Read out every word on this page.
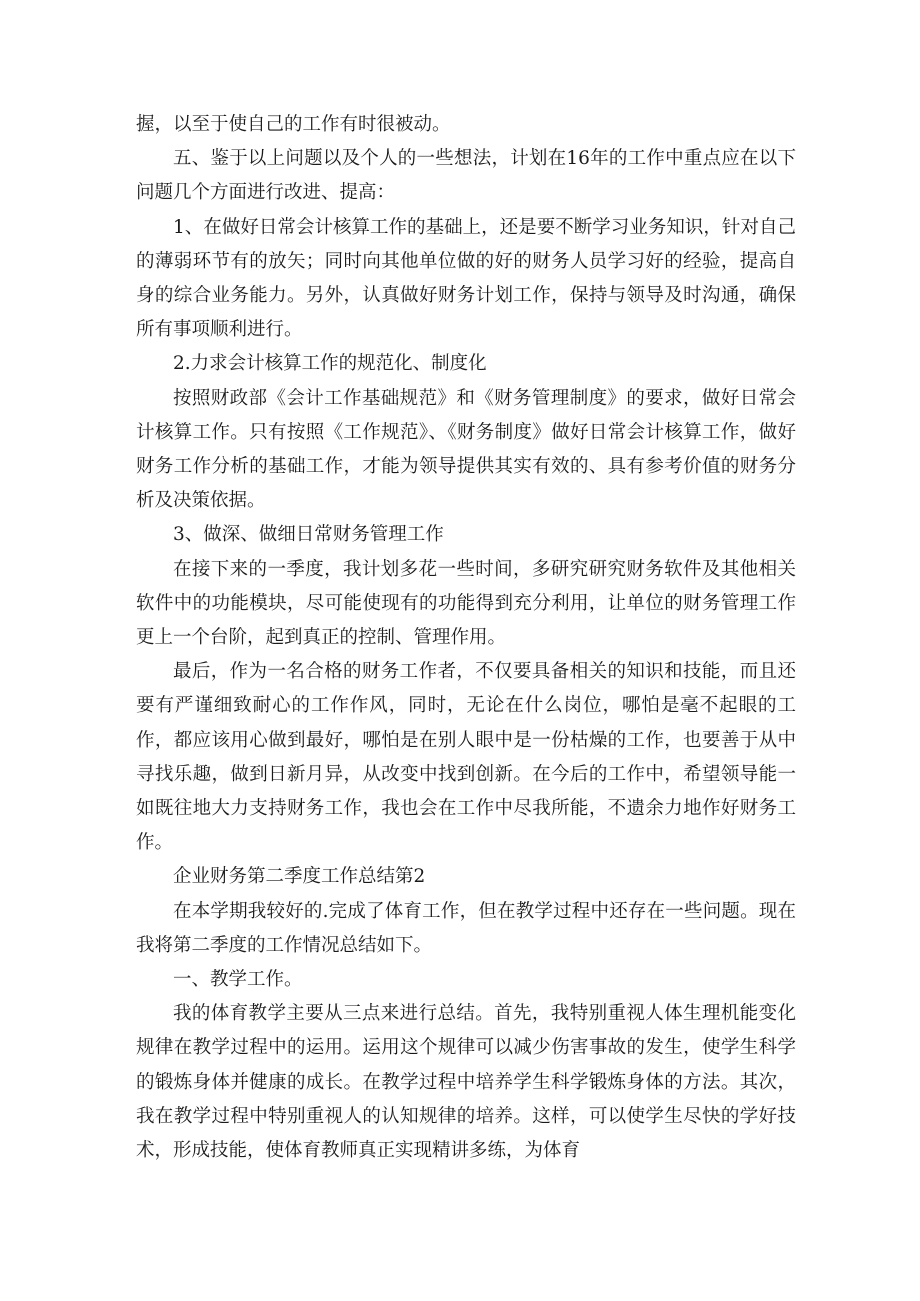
握，以至于使自己的工作有时很被动。

五、鉴于以上问题以及个人的一些想法，计划在16年的工作中重点应在以下问题几个方面进行改进、提高：

1、在做好日常会计核算工作的基础上，还是要不断学习业务知识，针对自己的薄弱环节有的放矢；同时向其他单位做的好的财务人员学习好的经验，提高自身的综合业务能力。另外，认真做好财务计划工作，保持与领导及时沟通，确保所有事项顺利进行。

2.力求会计核算工作的规范化、制度化

按照财政部《会计工作基础规范》和《财务管理制度》的要求，做好日常会计核算工作。只有按照《工作规范》、《财务制度》做好日常会计核算工作，做好财务工作分析的基础工作，才能为领导提供其实有效的、具有参考价值的财务分析及决策依据。

3、做深、做细日常财务管理工作

在接下来的一季度，我计划多花一些时间，多研究研究财务软件及其他相关软件中的功能模块，尽可能使现有的功能得到充分利用，让单位的财务管理工作更上一个台阶，起到真正的控制、管理作用。

最后，作为一名合格的财务工作者，不仅要具备相关的知识和技能，而且还要有严谨细致耐心的工作作风，同时，无论在什么岗位，哪怕是毫不起眼的工作，都应该用心做到最好，哪怕是在别人眼中是一份枯燥的工作，也要善于从中寻找乐趣，做到日新月异，从改变中找到创新。在今后的工作中，希望领导能一如既往地大力支持财务工作，我也会在工作中尽我所能，不遗余力地作好财务工作。

企业财务第二季度工作总结第2

在本学期我较好的.完成了体育工作，但在教学过程中还存在一些问题。现在我将第二季度的工作情况总结如下。

一、教学工作。

我的体育教学主要从三点来进行总结。首先，我特别重视人体生理机能变化规律在教学过程中的运用。运用这个规律可以减少伤害事故的发生，使学生科学的锻炼身体并健康的成长。在教学过程中培养学生科学锻炼身体的方法。其次，我在教学过程中特别重视人的认知规律的培养。这样，可以使学生尽快的学好技术，形成技能，使体育教师真正实现精讲多练，为体育
